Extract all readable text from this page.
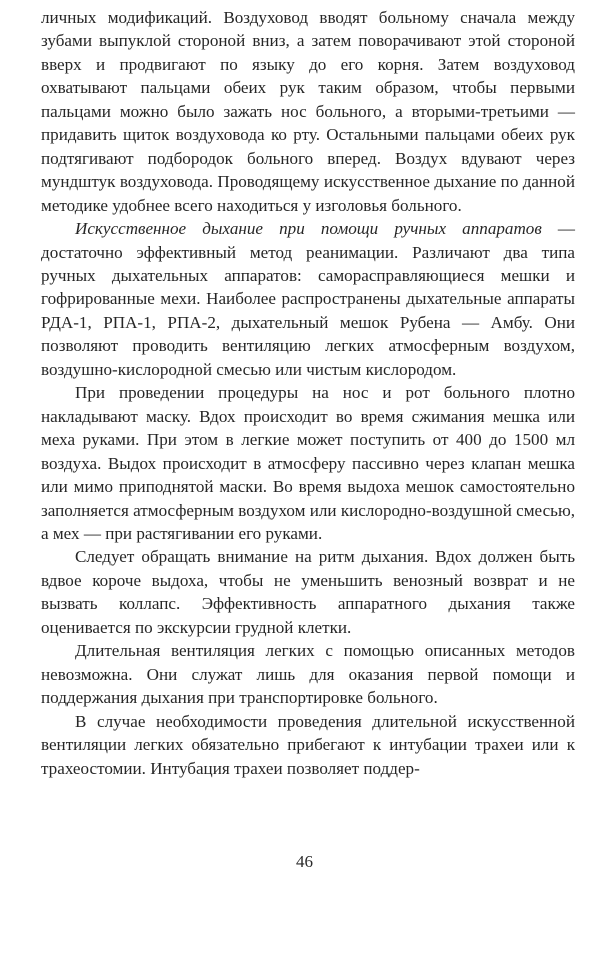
личных модификаций. Воздуховод вводят больному сначала между зубами выпуклой стороной вниз, а затем поворачивают этой стороной вверх и продвигают по языку до его корня. Затем воздуховод охватывают пальцами обеих рук таким образом, чтобы первыми пальцами можно было зажать нос больного, а вторыми-третьими — придавить щиток воздуховода ко рту. Остальными пальцами обеих рук подтягивают подбородок больного вперед. Воздух вдувают через мундштук воздуховода. Проводящему искусственное дыхание по данной методике удобнее всего находиться у изголовья больного.

Искусственное дыхание при помощи ручных аппаратов — достаточно эффективный метод реанимации. Различают два типа ручных дыхательных аппаратов: саморасправляющиеся мешки и гофрированные мехи. Наиболее распространены дыхательные аппараты РДА-1, РПА-1, РПА-2, дыхательный мешок Рубена — Амбу. Они позволяют проводить вентиляцию легких атмосферным воздухом, воздушно-кислородной смесью или чистым кислородом.

При проведении процедуры на нос и рот больного плотно накладывают маску. Вдох происходит во время сжимания мешка или меха руками. При этом в легкие может поступить от 400 до 1500 мл воздуха. Выдох происходит в атмосферу пассивно через клапан мешка или мимо приподнятой маски. Во время выдоха мешок самостоятельно заполняется атмосферным воздухом или кислородно-воздушной смесью, а мех — при растягивании его руками.

Следует обращать внимание на ритм дыхания. Вдох должен быть вдвое короче выдоха, чтобы не уменьшить венозный возврат и не вызвать коллапс. Эффективность аппаратного дыхания также оценивается по экскурсии грудной клетки.

Длительная вентиляция легких с помощью описанных методов невозможна. Они служат лишь для оказания первой помощи и поддержания дыхания при транспортировке больного.

В случае необходимости проведения длительной искусственной вентиляции легких обязательно прибегают к интубации трахеи или к трахеостомии. Интубация трахеи позволяет поддер-

46
